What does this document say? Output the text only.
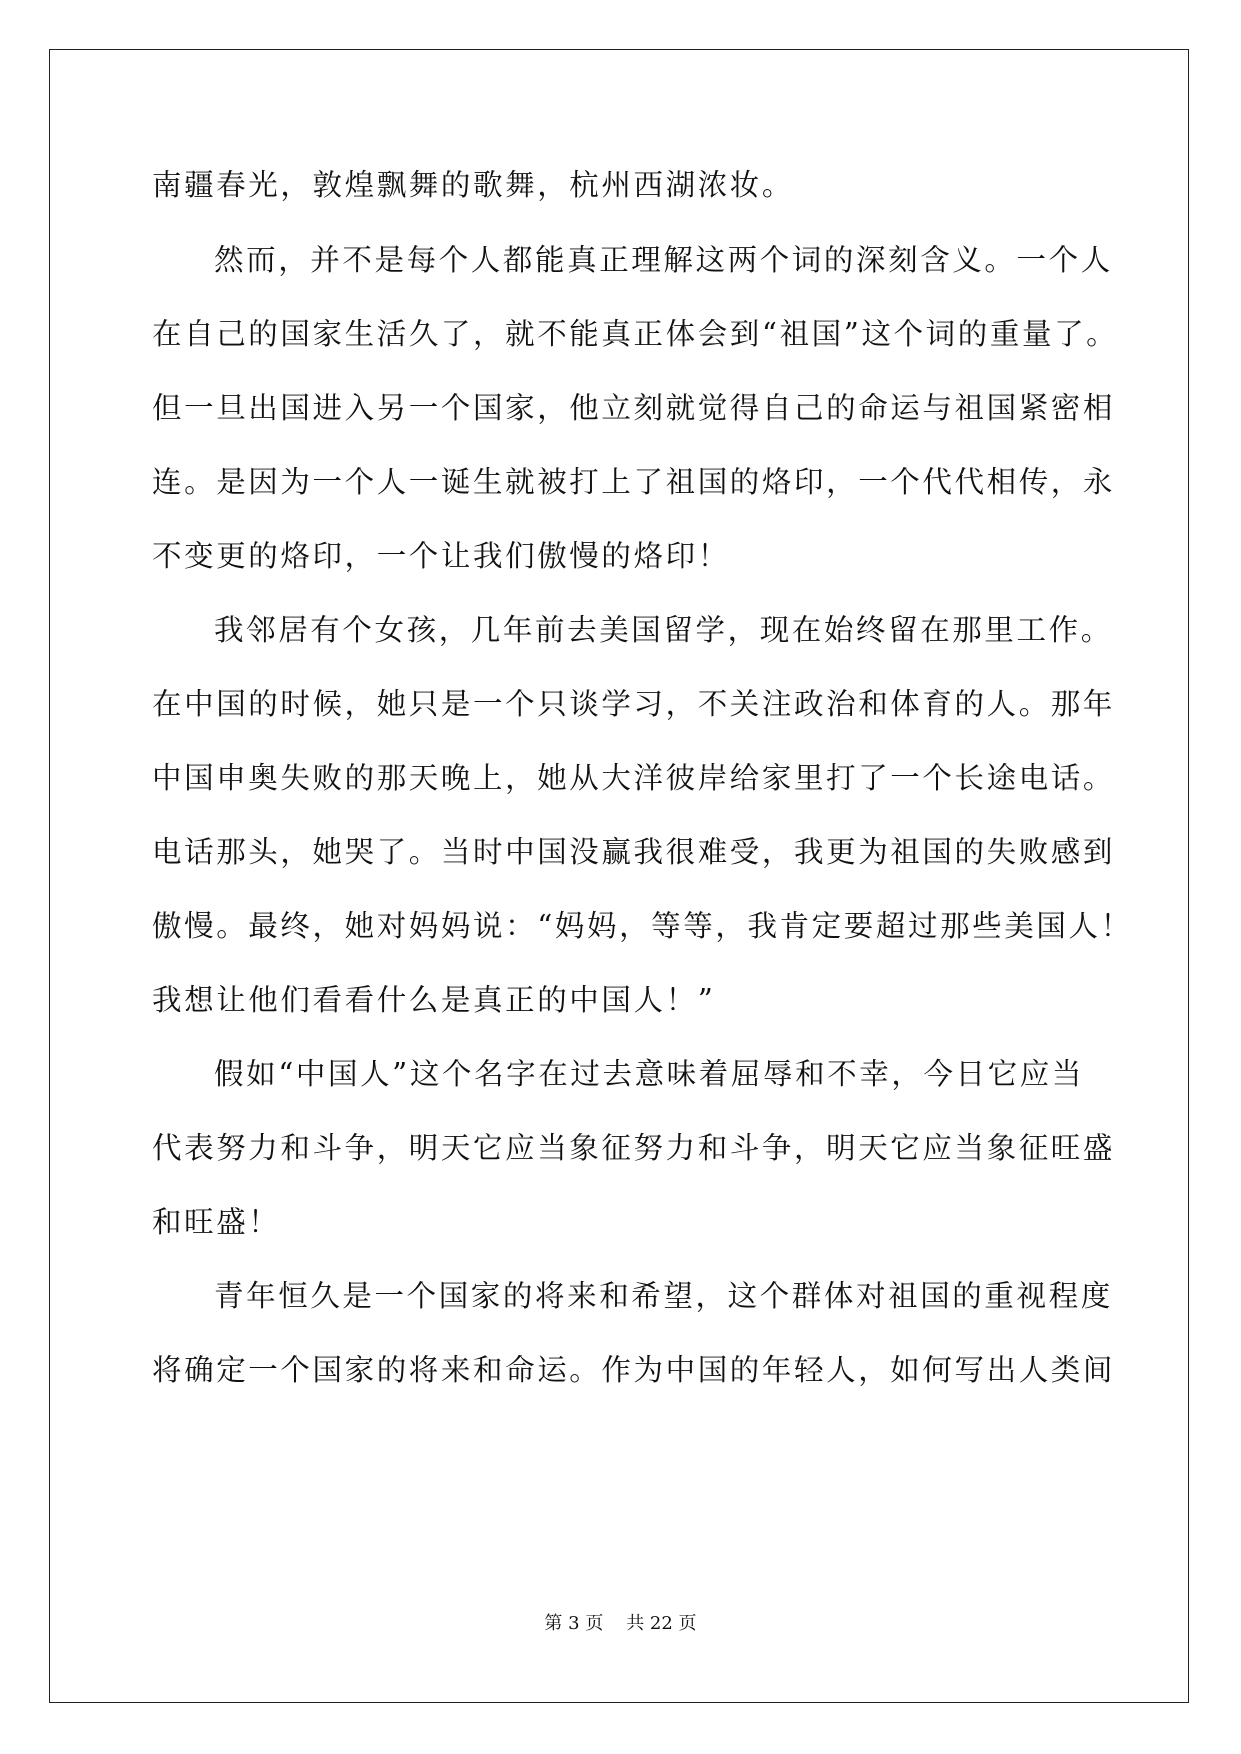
南疆春光，敦煌飘舞的歌舞，杭州西湖浓妆。
然而，并不是每个人都能真正理解这两个词的深刻含义。一个人
在自己的国家生活久了，就不能真正体会到“祖国”这个词的重量了。
但一旦出国进入另一个国家，他立刻就觉得自己的命运与祖国紧密相
连。是因为一个人一诞生就被打上了祖国的烙印，一个代代相传，永
不变更的烙印，一个让我们傲慢的烙印！
我邻居有个女孩，几年前去美国留学，现在始终留在那里工作。
在中国的时候，她只是一个只谈学习，不关注政治和体育的人。那年
中国申奥失败的那天晚上，她从大洋彼岸给家里打了一个长途电话。
电话那头，她哭了。当时中国没赢我很难受，我更为祖国的失败感到
傲慢。最终，她对妈妈说：“妈妈，等等，我肯定要超过那些美国人！
我想让他们看看什么是真正的中国人！”
假如“中国人”这个名字在过去意味着屈辱和不幸，今日它应当
代表努力和斗争，明天它应当象征努力和斗争，明天它应当象征旺盛
和旺盛！
青年恒久是一个国家的将来和希望，这个群体对祖国的重视程度
将确定一个国家的将来和命运。作为中国的年轻人，如何写出人类间
第 3 页    共 22 页
